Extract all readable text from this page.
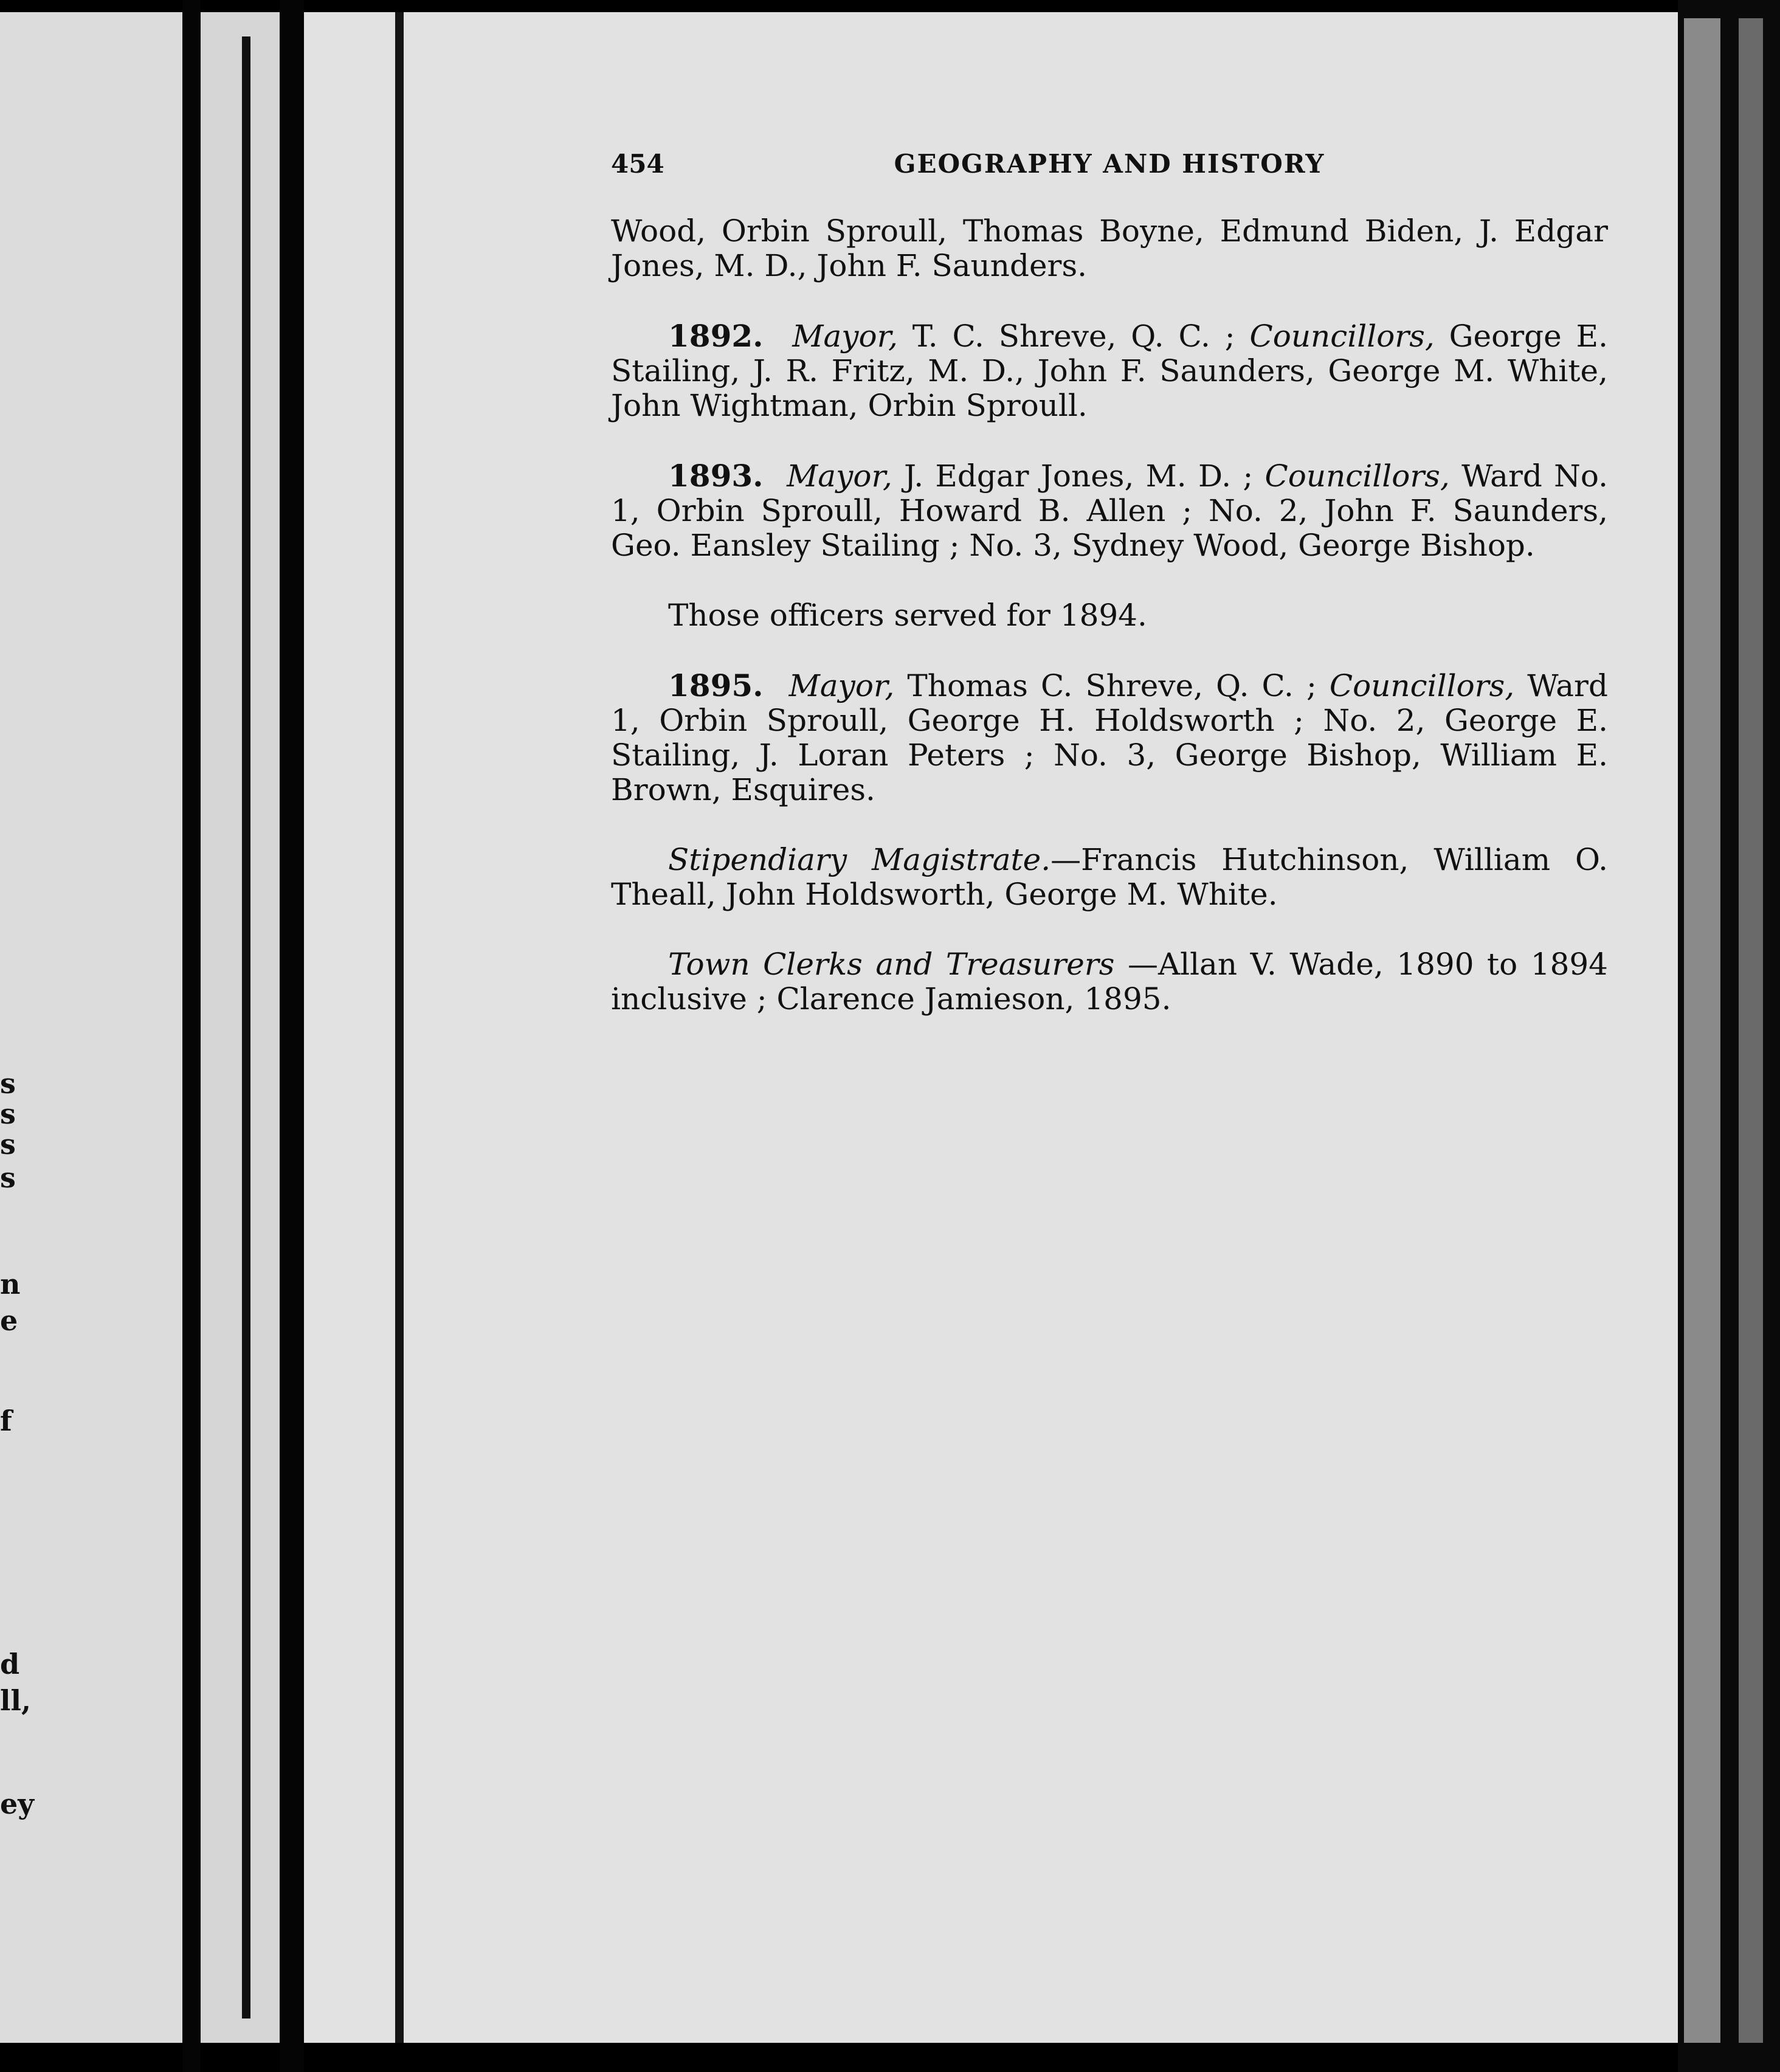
s
s
s
s
n
e
f
d
ll,
ey
454	GEOGRAPHY AND HISTORY

Wood, Orbin Sproull, Thomas Boyne, Edmund Biden, J. Edgar Jones, M. D., John F. Saunders.

1892. Mayor, T. C. Shreve, Q. C. ; Councillors, George E. Stailing, J. R. Fritz, M. D., John F. Saunders, George M. White, John Wightman, Orbin Sproull.

1893. Mayor, J. Edgar Jones, M. D. ; Councillors, Ward No. 1, Orbin Sproull, Howard B. Allen ; No. 2, John F. Saunders, Geo. Eansley Stailing ; No. 3, Sydney Wood, George Bishop.

Those officers served for 1894.

1895. Mayor, Thomas C. Shreve, Q. C. ; Councillors, Ward 1, Orbin Sproull, George H. Holdsworth ; No. 2, George E. Stailing, J. Loran Peters ; No. 3, George Bishop, William E. Brown, Esquires.

Stipendiary Magistrate.—Francis Hutchinson, William O. Theall, John Holdsworth, George M. White.

Town Clerks and Treasurers —Allan V. Wade, 1890 to 1894 inclusive ; Clarence Jamieson, 1895.
